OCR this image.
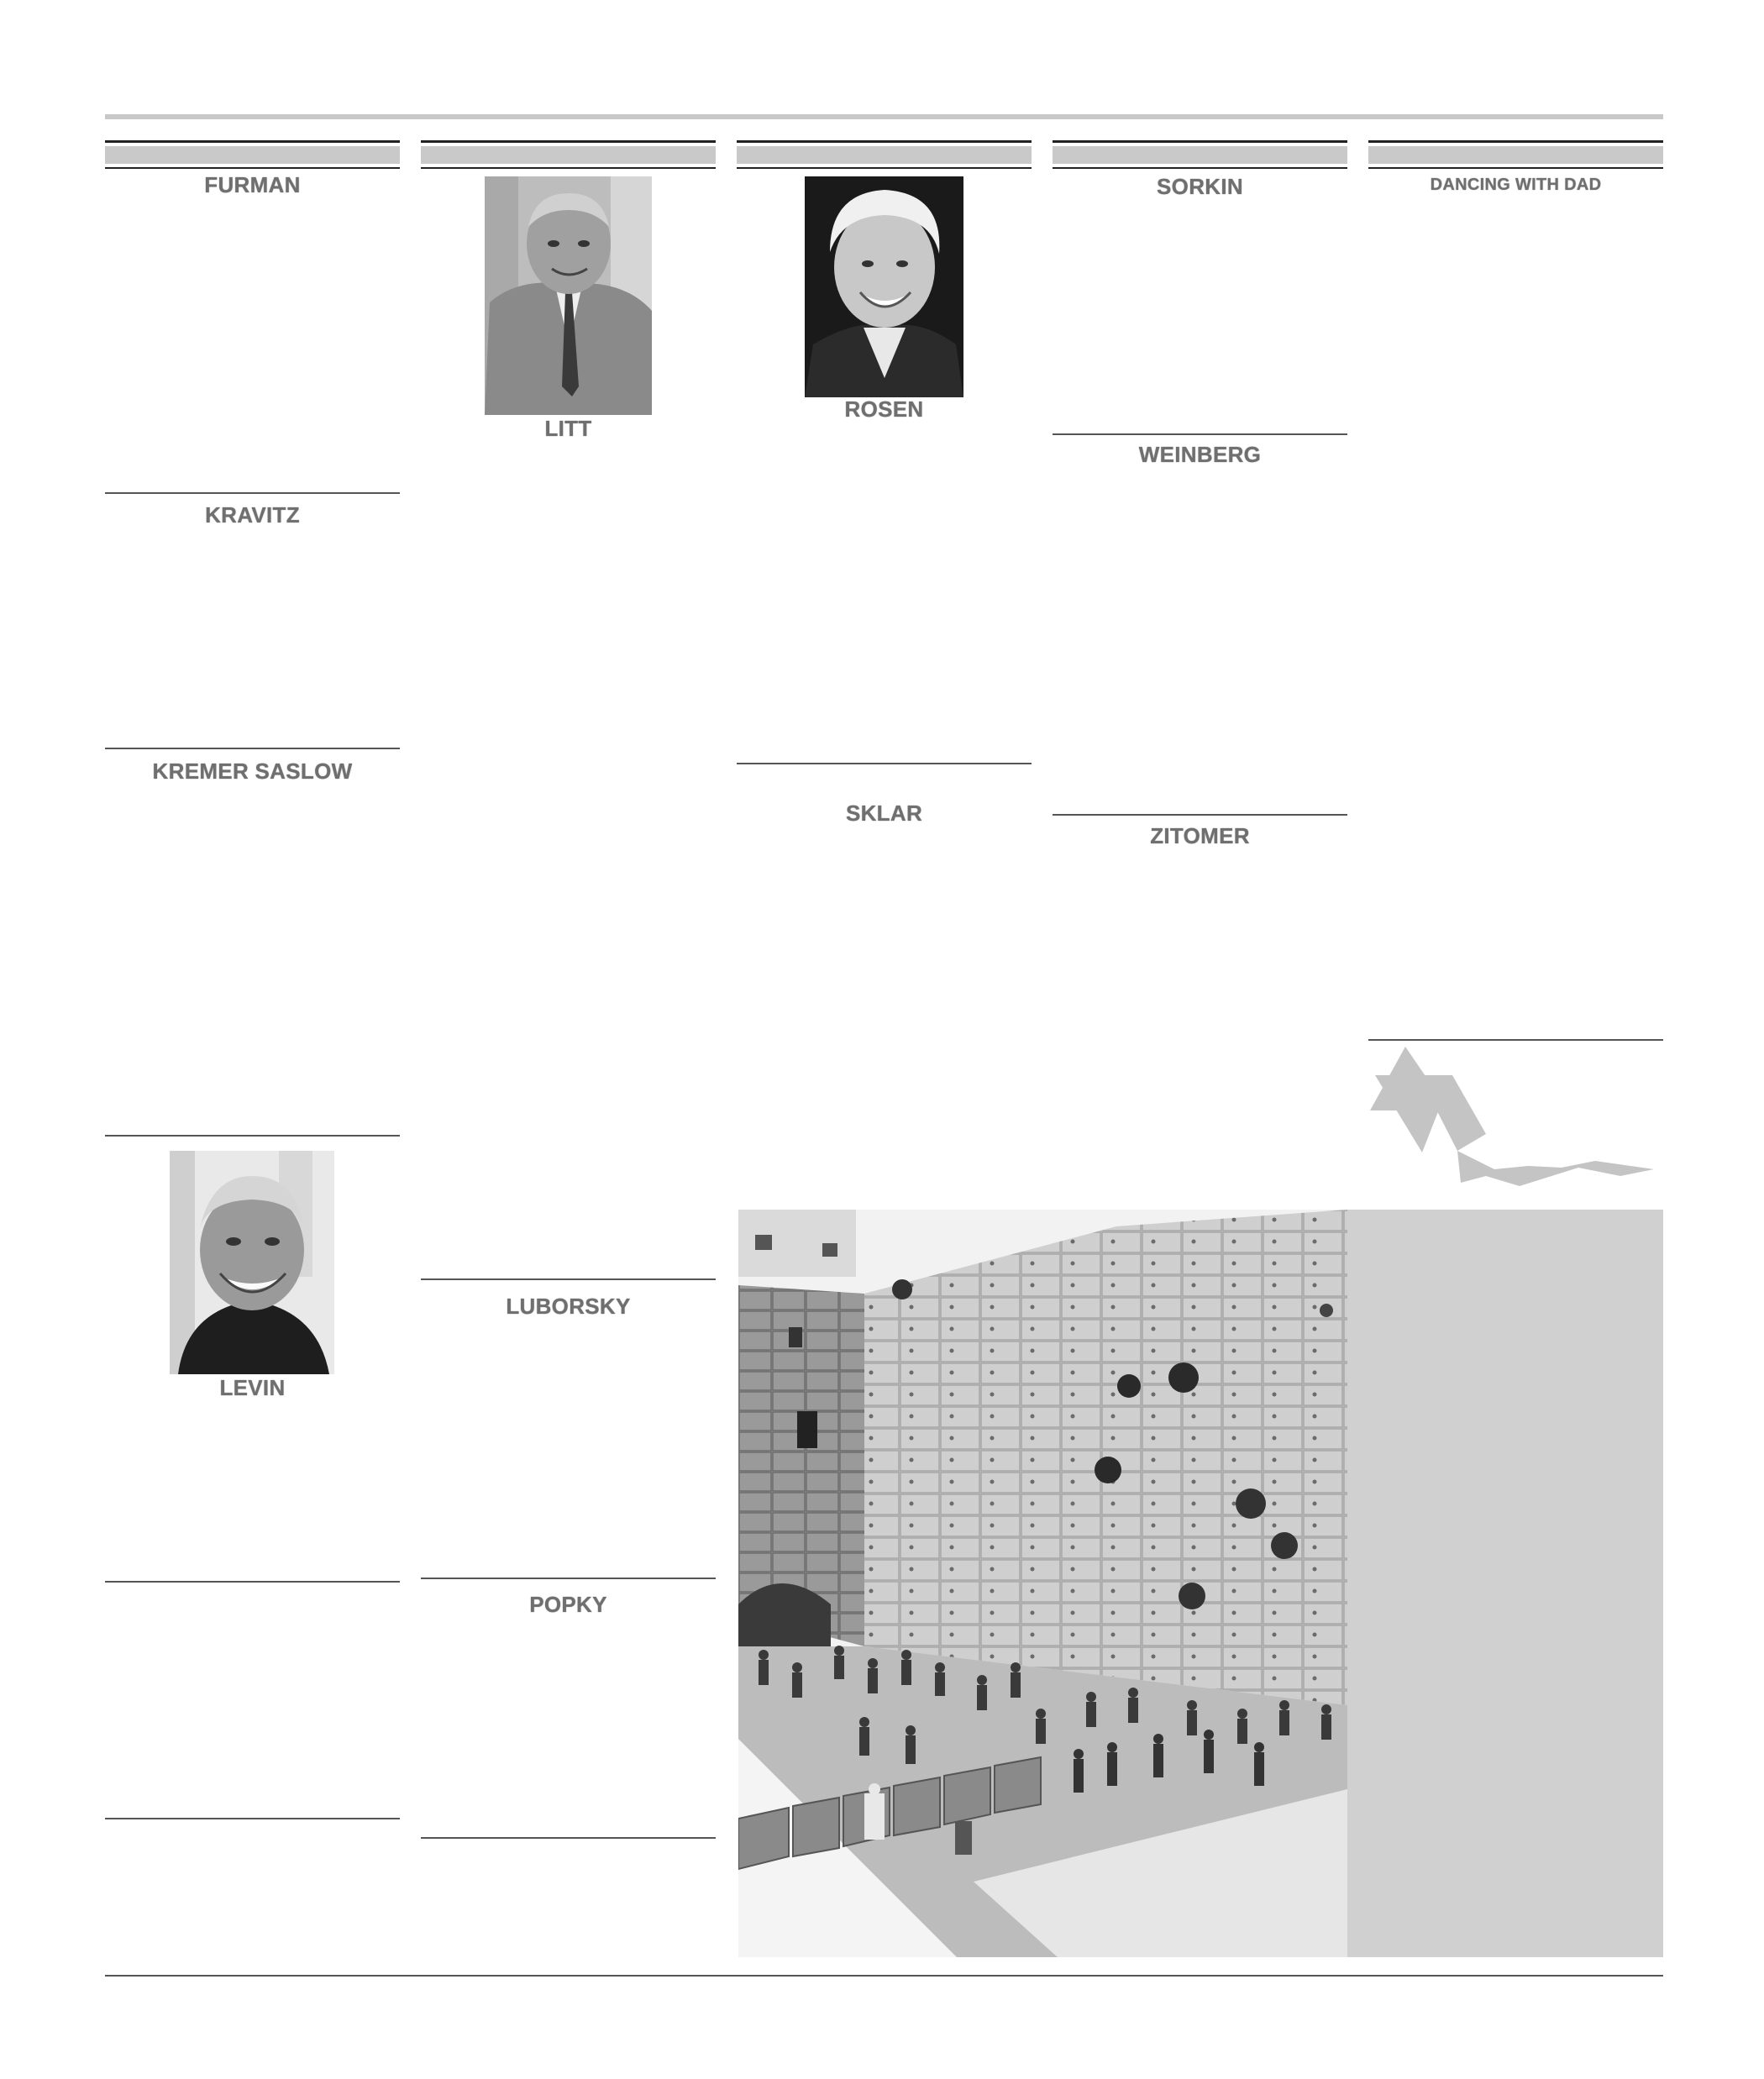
FURMAN
KRAVITZ
KREMER SASLOW
LEVIN
LITT
LUBORSKY
POPKY
ROSEN
SKLAR
SORKIN
WEINBERG
ZITOMER
DANCING WITH DAD
